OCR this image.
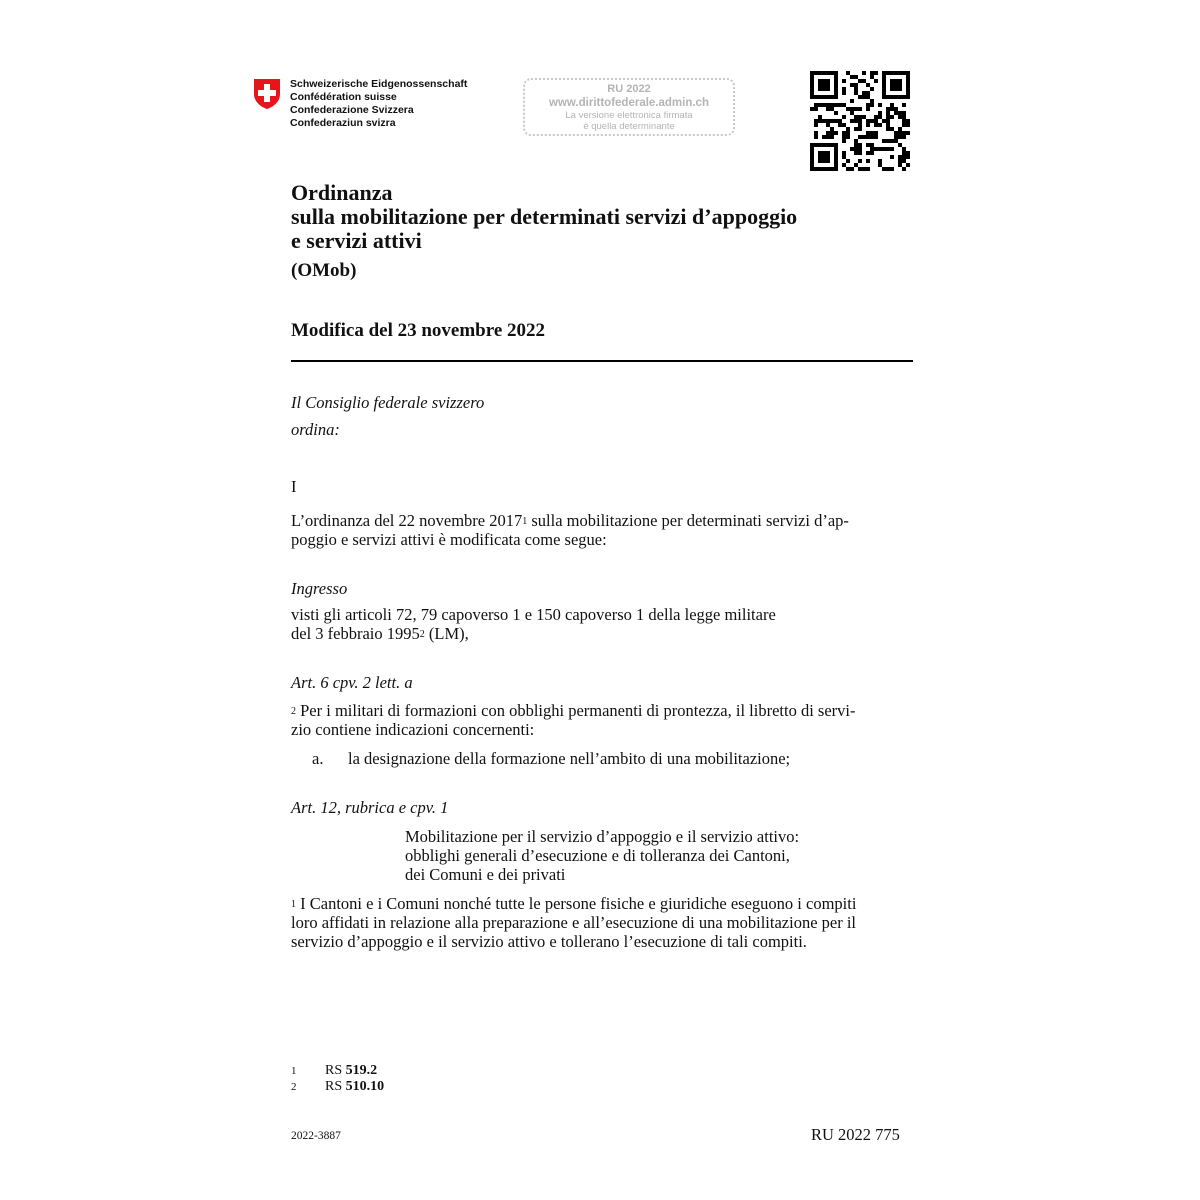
Schweizerische Eidgenossenschaft
Confédération suisse
Confederazione Svizzera
Confederaziun svizra
RU 2022
www.dirittofederale.admin.ch
La versione elettronica firmata
è quella determinante
Ordinanza
sulla mobilitazione per determinati servizi d’appoggio
e servizi attivi
(OMob)
Modifica del 23 novembre 2022
Il Consiglio federale svizzero
ordina:
I
L’ordinanza del 22 novembre 2017$^1$ sulla mobilitazione per determinati servizi d’ap-
poggio e servizi attivi è modificata come segue:
Ingresso
visti gli articoli 72, 79 capoverso 1 e 150 capoverso 1 della legge militare
del 3 febbraio 1995$^2$ (LM),
Art. 6 cpv. 2 lett. a
$^2$ Per i militari di formazioni con obblighi permanenti di prontezza, il libretto di servi-
zio contiene indicazioni concernenti:
a. la designazione della formazione nell’ambito di una mobilitazione;
Art. 12, rubrica e cpv. 1
Mobilitazione per il servizio d’appoggio e il servizio attivo:
obblighi generali d’esecuzione e di tolleranza dei Cantoni,
dei Comuni e dei privati
$^1$ I Cantoni e i Comuni nonché tutte le persone fisiche e giuridiche eseguono i compiti
loro affidati in relazione alla preparazione e all’esecuzione di una mobilitazione per il
servizio d’appoggio e il servizio attivo e tollerano l’esecuzione di tali compiti.
1	RS 519.2
2	RS 510.10
2022-3887	RU 2022 775
